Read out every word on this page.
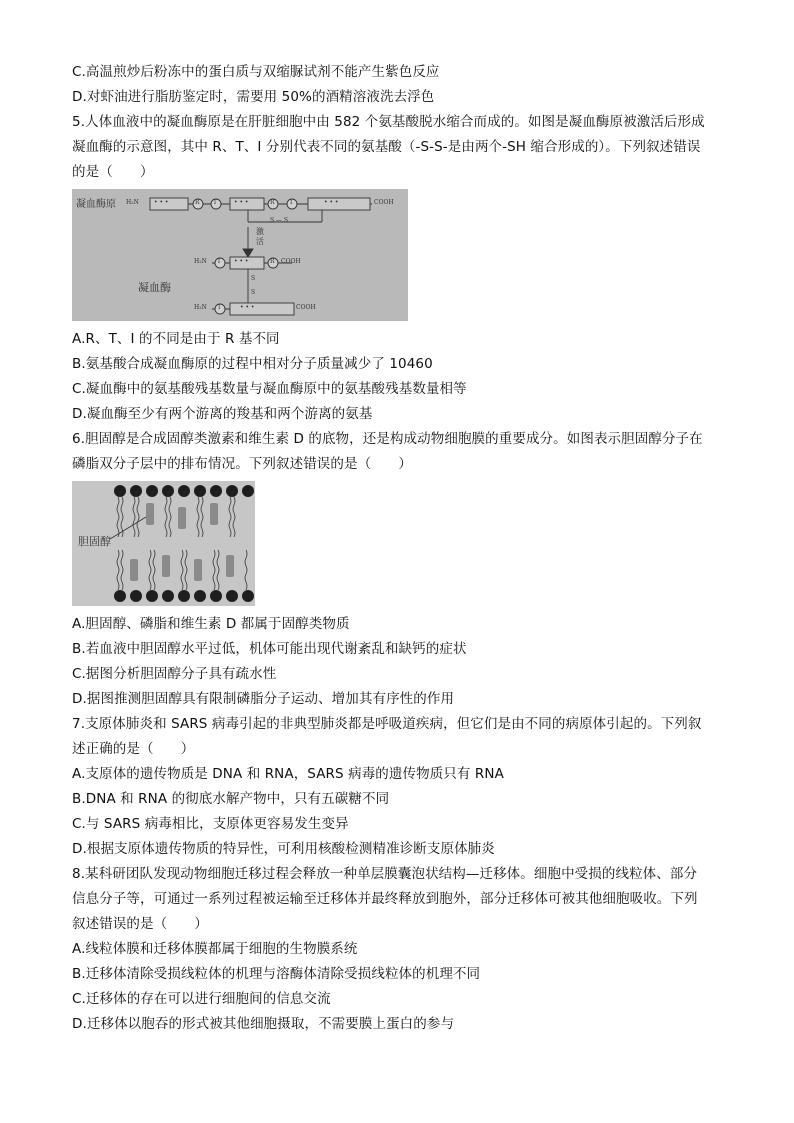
C.高温煎炒后粉冻中的蛋白质与双缩脲试剂不能产生紫色反应
D.对虾油进行脂肪鉴定时，需要用 50%的酒精溶液洗去浮色
5.人体血液中的凝血酶原是在肝脏细胞中由 582 个氨基酸脱水缩合而成的。如图是凝血酶原被激活后形成
凝血酶的示意图，其中 R、T、I 分别代表不同的氨基酸（-S-S-是由两个-SH 缩合形成的）。下列叙述错误
的是（　　）
凝血酶原 H₂N	• • •	R T	• • •	R	I	• • •	COOH
S — S
激活
凝血酶
H₂N T • • •	R COOH
S
S
H₂N I	• • •	COOH
A.R、T、I 的不同是由于 R 基不同
B.氨基酸合成凝血酶原的过程中相对分子质量减少了 10460
C.凝血酶中的氨基酸残基数量与凝血酶原中的氨基酸残基数量相等
D.凝血酶至少有两个游离的羧基和两个游离的氨基
6.胆固醇是合成固醇类激素和维生素 D 的底物，还是构成动物细胞膜的重要成分。如图表示胆固醇分子在
磷脂双分子层中的排布情况。下列叙述错误的是（　　）
胆固醇
A.胆固醇、磷脂和维生素 D 都属于固醇类物质
B.若血液中胆固醇水平过低，机体可能出现代谢紊乱和缺钙的症状
C.据图分析胆固醇分子具有疏水性
D.据图推测胆固醇具有限制磷脂分子运动、增加其有序性的作用
7.支原体肺炎和 SARS 病毒引起的非典型肺炎都是呼吸道疾病，但它们是由不同的病原体引起的。下列叙
述正确的是（　　）
A.支原体的遗传物质是 DNA 和 RNA，SARS 病毒的遗传物质只有 RNA
B.DNA 和 RNA 的彻底水解产物中，只有五碳糖不同
C.与 SARS 病毒相比，支原体更容易发生变异
D.根据支原体遗传物质的特异性，可利用核酸检测精准诊断支原体肺炎
8.某科研团队发现动物细胞迁移过程会释放一种单层膜囊泡状结构—迁移体。细胞中受损的线粒体、部分
信息分子等，可通过一系列过程被运输至迁移体并最终释放到胞外，部分迁移体可被其他细胞吸收。下列
叙述错误的是（　　）
A.线粒体膜和迁移体膜都属于细胞的生物膜系统
B.迁移体清除受损线粒体的机理与溶酶体清除受损线粒体的机理不同
C.迁移体的存在可以进行细胞间的信息交流
D.迁移体以胞吞的形式被其他细胞摄取，不需要膜上蛋白的参与
